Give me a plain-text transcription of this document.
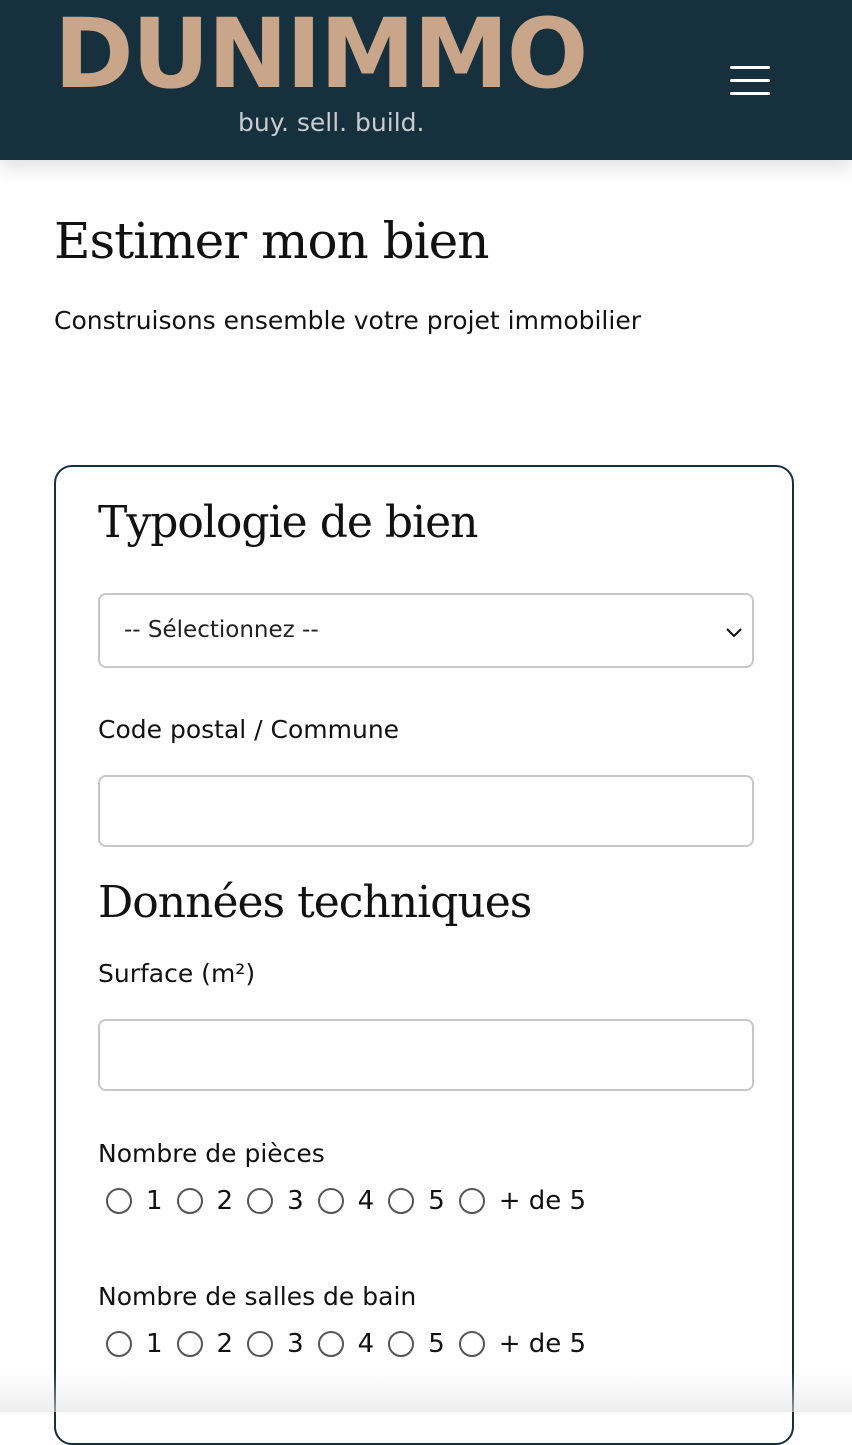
DUNIMMO
buy. sell. build.
Estimer mon bien

Construisons ensemble votre projet immobilier

Typologie de bien
-- Sélectionnez --
Code postal / Commune
Données techniques
Surface (m²)
Nombre de pièces
1 2 3 4 5 + de 5
Nombre de salles de bain
1 2 3 4 5 + de 5
